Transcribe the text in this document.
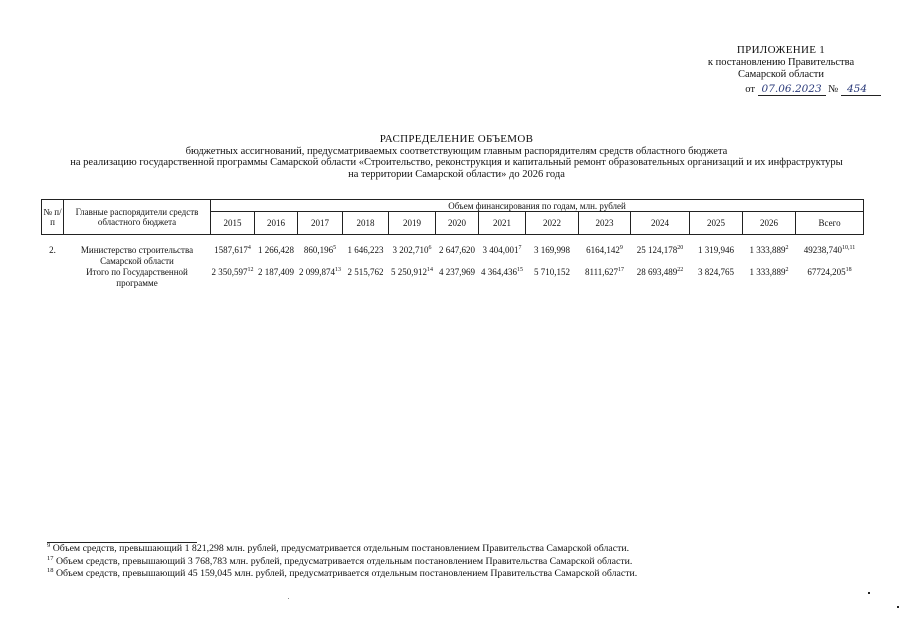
ПРИЛОЖЕНИЕ 1
к постановлению Правительства
Самарской области
от 07.06.2023 № 454
РАСПРЕДЕЛЕНИЕ ОБЪЕМОВ
бюджетных ассигнований, предусматриваемых соответствующим главным распорядителям средств областного бюджета
на реализацию государственной программы Самарской области «Строительство, реконструкция и капитальный ремонт образовательных организаций и их инфраструктуры
на территории Самарской области» до 2026 года
№ п/п	Главные распорядители средств областного бюджета	Объем финансирования по годам, млн. рублей												
		2015	2016	2017	2018	2019	2020	2021	2022	2023	2024	2025	2026	Всего

2.	Министерство строительства Самарской области	1587,617$^4$	1 266,428	860,196$^5$	1 646,223	3 202,710$^6$	2 647,620	3 404,001$^7$	3 169,998	6164,142$^9$	25 124,178$^{20}$	1 319,946	1 333,889$^2$	49238,740$^{10,11}$
	Итого по Государственной программе	2 350,597$^{12}$	2 187,409	2 099,874$^{13}$	2 515,762	5 250,912$^{14}$	4 237,969	4 364,436$^{15}$	5 710,152	8111,627$^{17}$	28 693,489$^{22}$	3 824,765	1 333,889$^2$	67724,205$^{18}$
$^9$ Объем средств, превышающий 1 821,298 млн. рублей, предусматривается отдельным постановлением Правительства Самарской области.
$^{17}$ Объем средств, превышающий 3 768,783 млн. рублей, предусматривается отдельным постановлением Правительства Самарской области.
$^{18}$ Объем средств, превышающий 45 159,045 млн. рублей, предусматривается отдельным постановлением Правительства Самарской области.
